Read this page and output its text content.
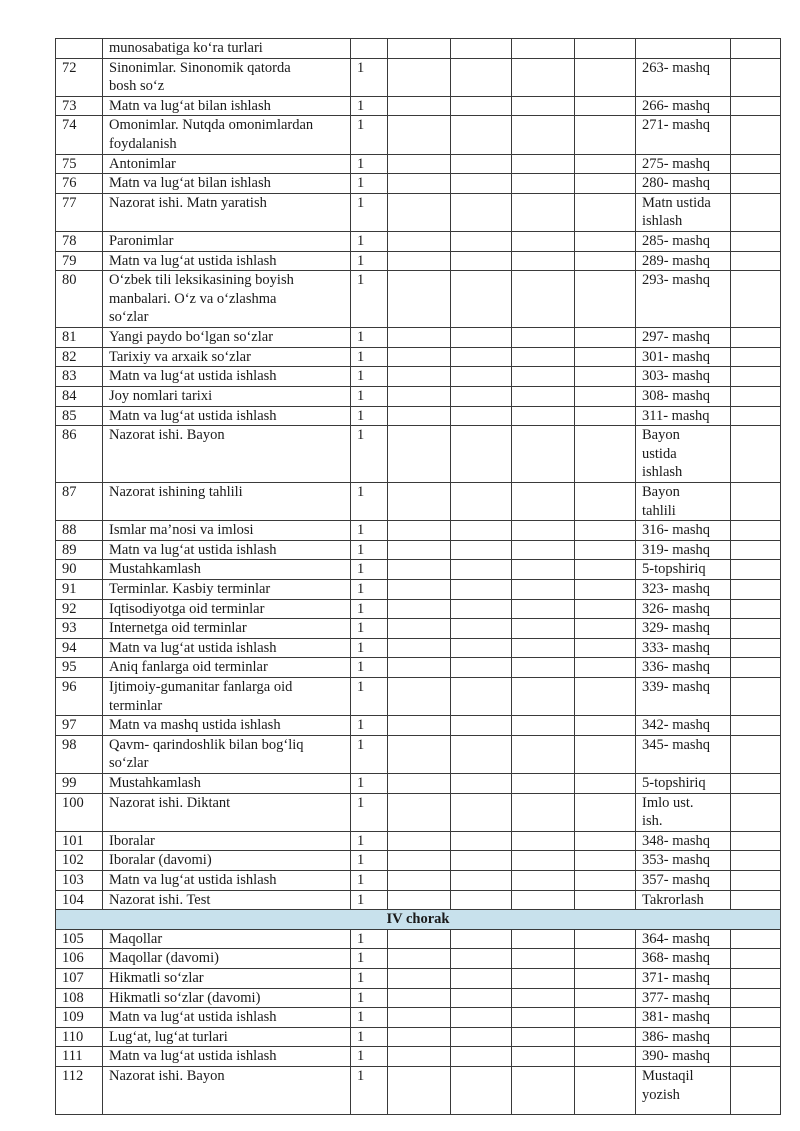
	munosabatiga ko‘ra turlari							
72	Sinonimlar. Sinonomik qatorda
bosh so‘z	1					263- mashq	
73	Matn va lug‘at bilan ishlash	1					266- mashq	
74	Omonimlar. Nutqda omonimlardan
foydalanish	1					271- mashq	
75	Antonimlar	1					275- mashq	
76	Matn va lug‘at bilan ishlash	1					280- mashq	
77	Nazorat ishi. Matn yaratish	1					Matn ustida
ishlash	
78	Paronimlar	1					285- mashq	
79	Matn va lug‘at ustida ishlash	1					289- mashq	
80	O‘zbek tili leksikasining boyish
manbalari. O‘z va o‘zlashma
so‘zlar	1					293- mashq	
81	Yangi paydo bo‘lgan so‘zlar	1					297- mashq	
82	Tarixiy va arxaik so‘zlar	1					301- mashq	
83	Matn va lug‘at ustida ishlash	1					303- mashq	
84	Joy nomlari tarixi	1					308- mashq	
85	Matn va lug‘at ustida ishlash	1					311- mashq	
86	Nazorat ishi. Bayon	1					Bayon
ustida
ishlash	
87	Nazorat ishining tahlili	1					Bayon
tahlili	
88	Ismlar ma’nosi va imlosi	1					316- mashq	
89	Matn va lug‘at ustida ishlash	1					319- mashq	
90	Mustahkamlash	1					5-topshiriq	
91	Terminlar. Kasbiy terminlar	1					323- mashq	
92	Iqtisodiyotga oid terminlar	1					326- mashq	
93	Internetga oid terminlar	1					329- mashq	
94	Matn va lug‘at ustida ishlash	1					333- mashq	
95	Aniq fanlarga oid terminlar	1					336- mashq	
96	Ijtimoiy-gumanitar fanlarga oid
terminlar	1					339- mashq	
97	Matn va mashq ustida ishlash	1					342- mashq	
98	Qavm- qarindoshlik bilan bog‘liq
so‘zlar	1					345- mashq	
99	Mustahkamlash	1					5-topshiriq	
100	Nazorat ishi. Diktant	1					Imlo ust.
ish.	
101	Iboralar	1					348- mashq	
102	Iboralar (davomi)	1					353- mashq	
103	Matn va lug‘at ustida ishlash	1					357- mashq	
104	Nazorat ishi. Test	1					Takrorlash	
IV chorak								
105	Maqollar	1					364- mashq	
106	Maqollar (davomi)	1					368- mashq	
107	Hikmatli so‘zlar	1					371- mashq	
108	Hikmatli so‘zlar (davomi)	1					377- mashq	
109	Matn va lug‘at ustida ishlash	1					381- mashq	
110	Lug‘at, lug‘at turlari	1					386- mashq	
111	Matn va lug‘at ustida ishlash	1					390- mashq	
112	Nazorat ishi. Bayon	1					Mustaqil
yozish	
